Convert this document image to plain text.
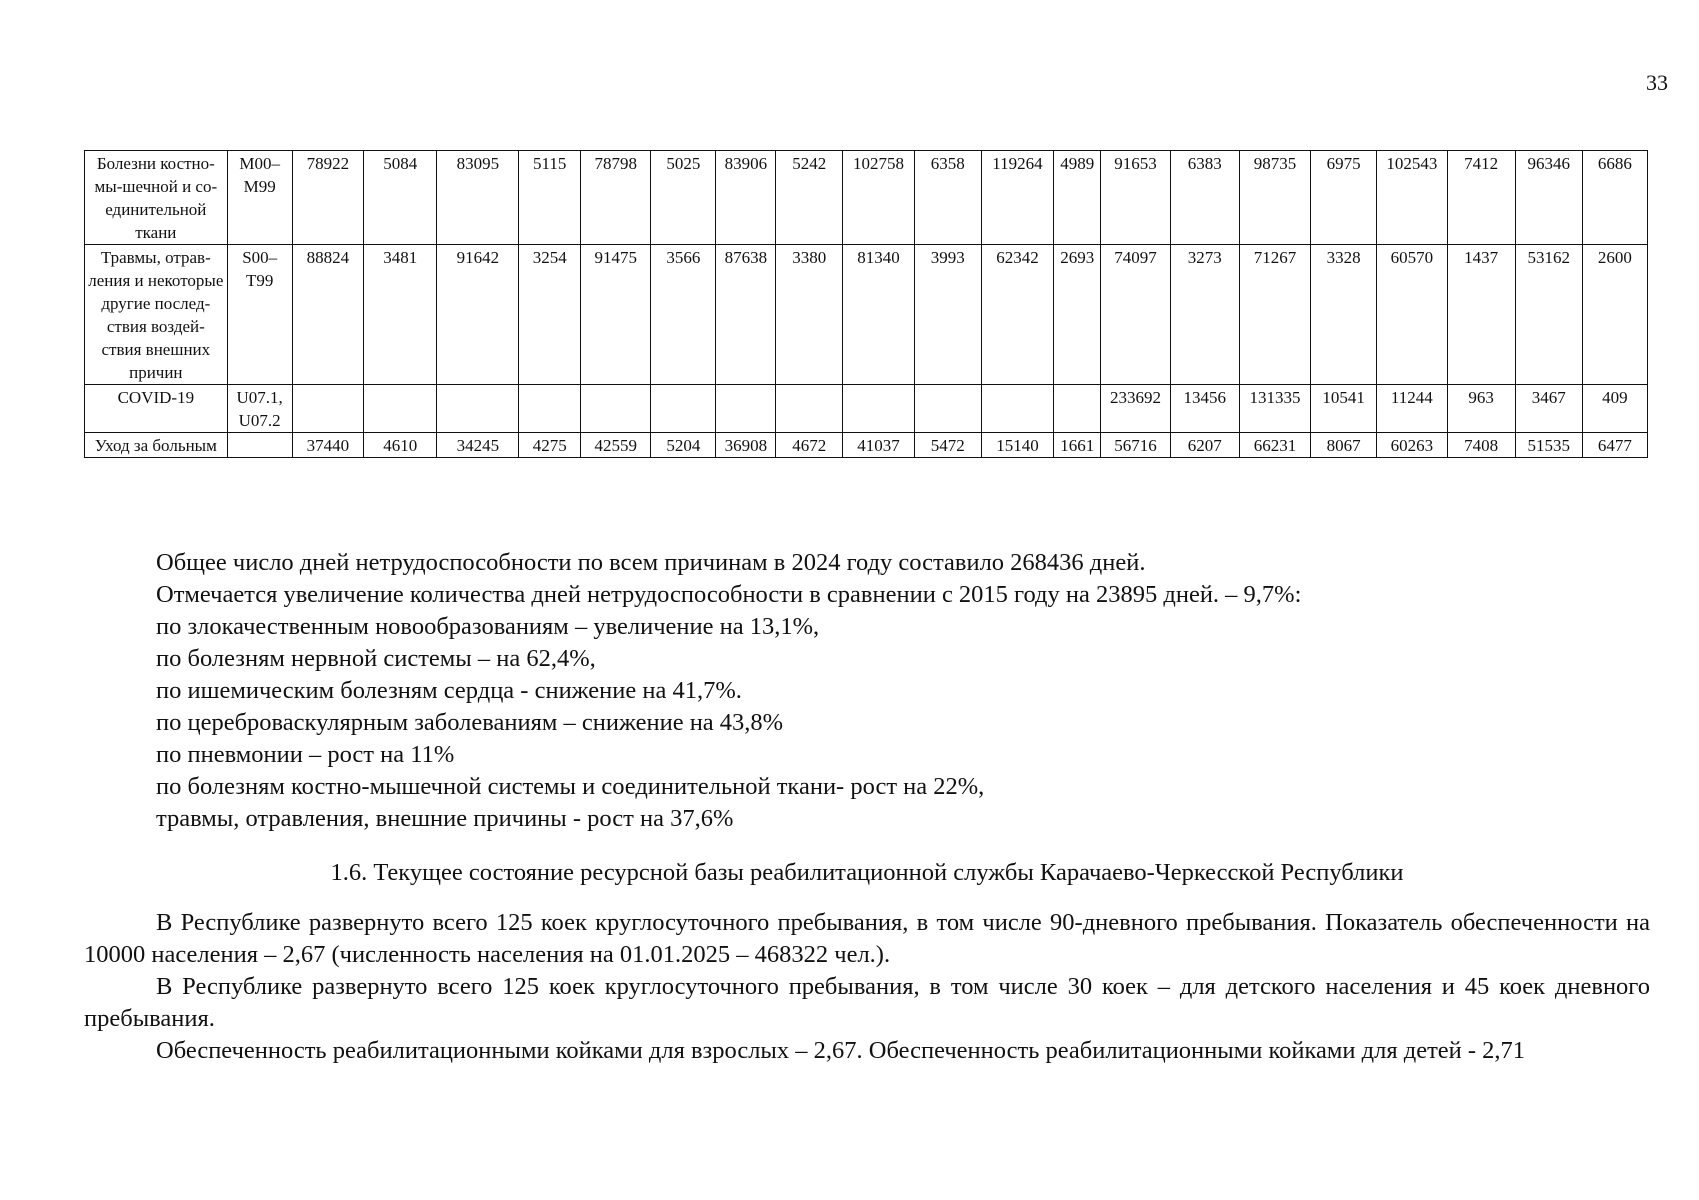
33
Болезни костно- мы-шечной и со-единительной ткани	M00–M99	78922	5084	83095	5115	78798	5025	83906	5242	102758	6358	119264	4989	91653	6383	98735	6975	102543	7412	96346	6686
Травмы, отрав-ления и некоторые другие послед-ствия воздей-ствия внешних причин	S00–T99	88824	3481	91642	3254	91475	3566	87638	3380	81340	3993	62342	2693	74097	3273	71267	3328	60570	1437	53162	2600
COVID-19	U07.1, U07.2													233692	13456	131335	10541	11244	963	3467	409
Уход за больным		37440	4610	34245	4275	42559	5204	36908	4672	41037	5472	15140	1661	56716	6207	66231	8067	60263	7408	51535	6477
Общее число дней нетрудоспособности по всем причинам в 2024 году составило 268436 дней.
Отмечается увеличение количества дней нетрудоспособности в сравнении с 2015 году на 23895 дней. – 9,7%:
по злокачественным новообразованиям – увеличение на 13,1%,
по болезням нервной системы – на 62,4%,
по ишемическим болезням сердца - снижение на 41,7%.
по цереброваскулярным заболеваниям – снижение на 43,8%
по пневмонии – рост на 11%
по болезням костно-мышечной системы и соединительной ткани- рост на 22%,
травмы, отравления, внешние причины - рост на 37,6%
1.6. Текущее состояние ресурсной базы реабилитационной службы Карачаево-Черкесской Республики

В Республике развернуто всего 125 коек круглосуточного пребывания, в том числе 90-дневного пребывания. Показатель обеспеченности на 10000 населения – 2,67 (численность населения на 01.01.2025 – 468322 чел.).

В Республике развернуто всего 125 коек круглосуточного пребывания, в том числе 30 коек – для детского населения и 45 коек дневного пребывания.

Обеспеченность реабилитационными койками для взрослых – 2,67. Обеспеченность реабилитационными койками для детей - 2,71
